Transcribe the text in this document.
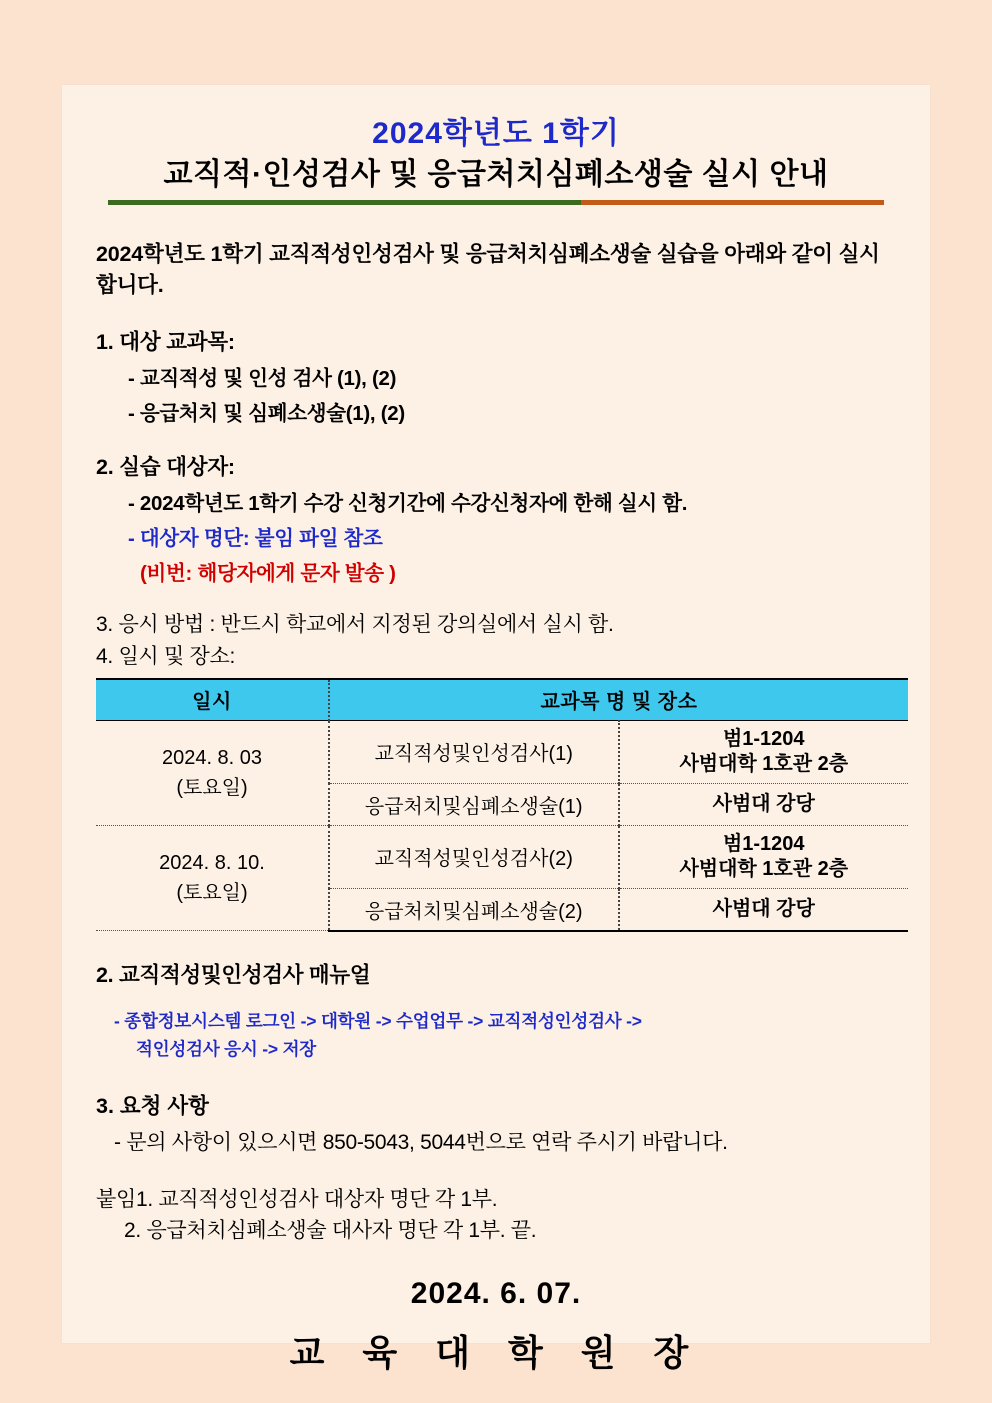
2024학년도 1학기
교직적·인성검사 및 응급처치심폐소생술 실시 안내
2024학년도 1학기 교직적성인성검사 및 응급처치심폐소생술 실습을 아래와 같이 실시 합니다.
1. 대상 교과목:
- 교직적성 및 인성 검사 (1), (2)
- 응급처치 및 심폐소생술(1), (2)
2. 실습 대상자:
- 2024학년도 1학기 수강 신청기간에 수강신청자에 한해 실시 함.
- 대상자 명단: 붙임 파일 참조
(비번: 해당자에게 문자 발송 )
3. 응시 방법 : 반드시 학교에서 지정된 강의실에서 실시 함.
4. 일시 및 장소:
일시	교과목 명 및 장소	

2024. 8. 03
(토요일)	교직적성및인성검사(1)	범1-1204
사범대학 1호관 2층
	응급처치및심폐소생술(1)	사범대 강당

2024. 8. 10.
(토요일)	교직적성및인성검사(2)	범1-1204
사범대학 1호관 2층
	응급처치및심폐소생술(2)	사범대 강당
2. 교직적성및인성검사 매뉴얼
- 종합정보시스템 로그인 -> 대학원 -> 수업업무 -> 교직적성인성검사 ->
적인성검사 응시 -> 저장
3. 요청 사항
- 문의 사항이 있으시면 850-5043, 5044번으로 연락 주시기 바랍니다.
붙임1. 교직적성인성검사 대상자 명단 각 1부.
2. 응급처치심폐소생술 대사자 명단 각 1부. 끝.
2024. 6. 07.
교 육 대 학 원 장
